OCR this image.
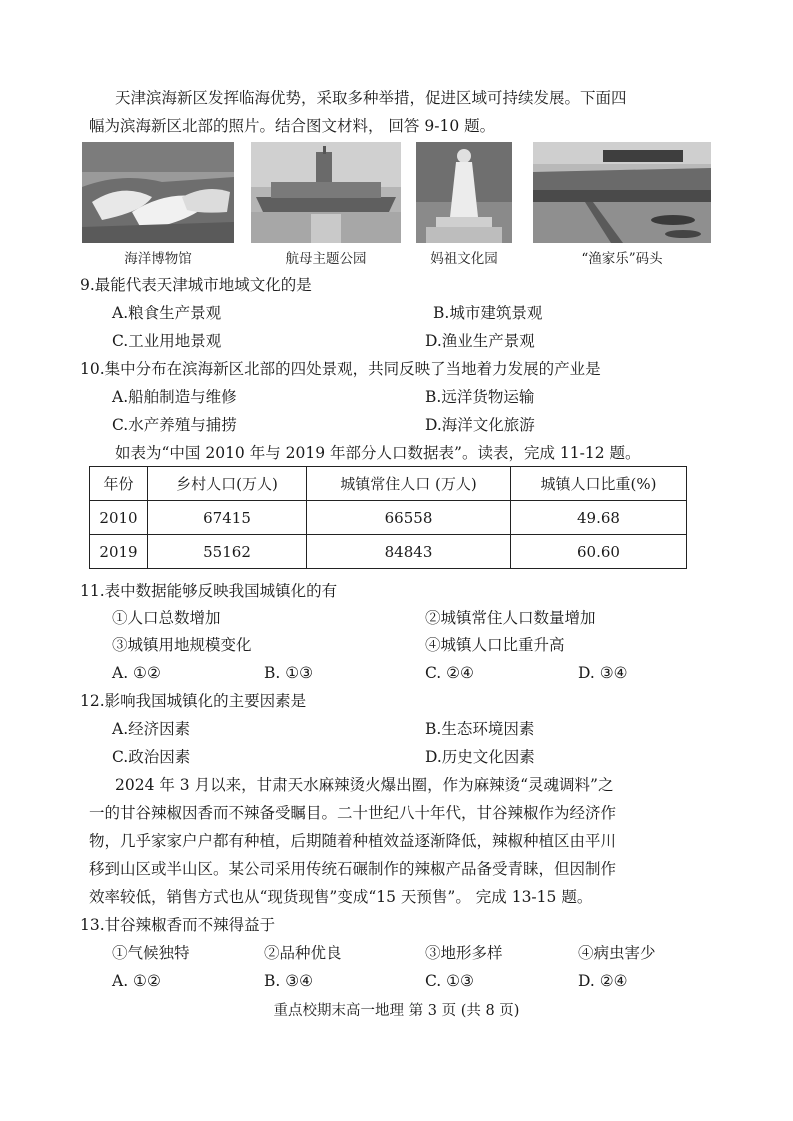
天津滨海新区发挥临海优势，采取多种举措，促进区域可持续发展。下面四
幅为滨海新区北部的照片。结合图文材料， 回答 9-10 题。
海洋博物馆	航母主题公园	妈祖文化园	“渔家乐”码头
9.最能代表天津城市地域文化的是
A.粮食生产景观	B.城市建筑景观
C.工业用地景观	D.渔业生产景观
10.集中分布在滨海新区北部的四处景观，共同反映了当地着力发展的产业是
A.船舶制造与维修	B.远洋货物运输
C.水产养殖与捕捞	D.海洋文化旅游
如表为“中国 2010 年与 2019 年部分人口数据表”。读表，完成 11-12 题。
年份	乡村人口(万人)	城镇常住人口 (万人)	城镇人口比重(%)
2010	67415	66558	49.68
2019	55162	84843	60.60
11.表中数据能够反映我国城镇化的有
①人口总数增加	②城镇常住人口数量增加
③城镇用地规模变化	④城镇人口比重升高
A. ①②	B. ①③	C. ②④	D. ③④
12.影响我国城镇化的主要因素是
A.经济因素	B.生态环境因素
C.政治因素	D.历史文化因素
2024 年 3 月以来，甘肃天水麻辣烫火爆出圈，作为麻辣烫“灵魂调料”之
一的甘谷辣椒因香而不辣备受瞩目。二十世纪八十年代，甘谷辣椒作为经济作
物，几乎家家户户都有种植，后期随着种植效益逐渐降低，辣椒种植区由平川
移到山区或半山区。某公司采用传统石碾制作的辣椒产品备受青睐，但因制作
效率较低，销售方式也从“现货现售”变成“15 天预售”。 完成 13-15 题。
13.甘谷辣椒香而不辣得益于
①气候独特	②品种优良	③地形多样	④病虫害少
A. ①②	B. ③④	C. ①③	D. ②④
重点校期末高一地理 第 3 页 (共 8 页)
